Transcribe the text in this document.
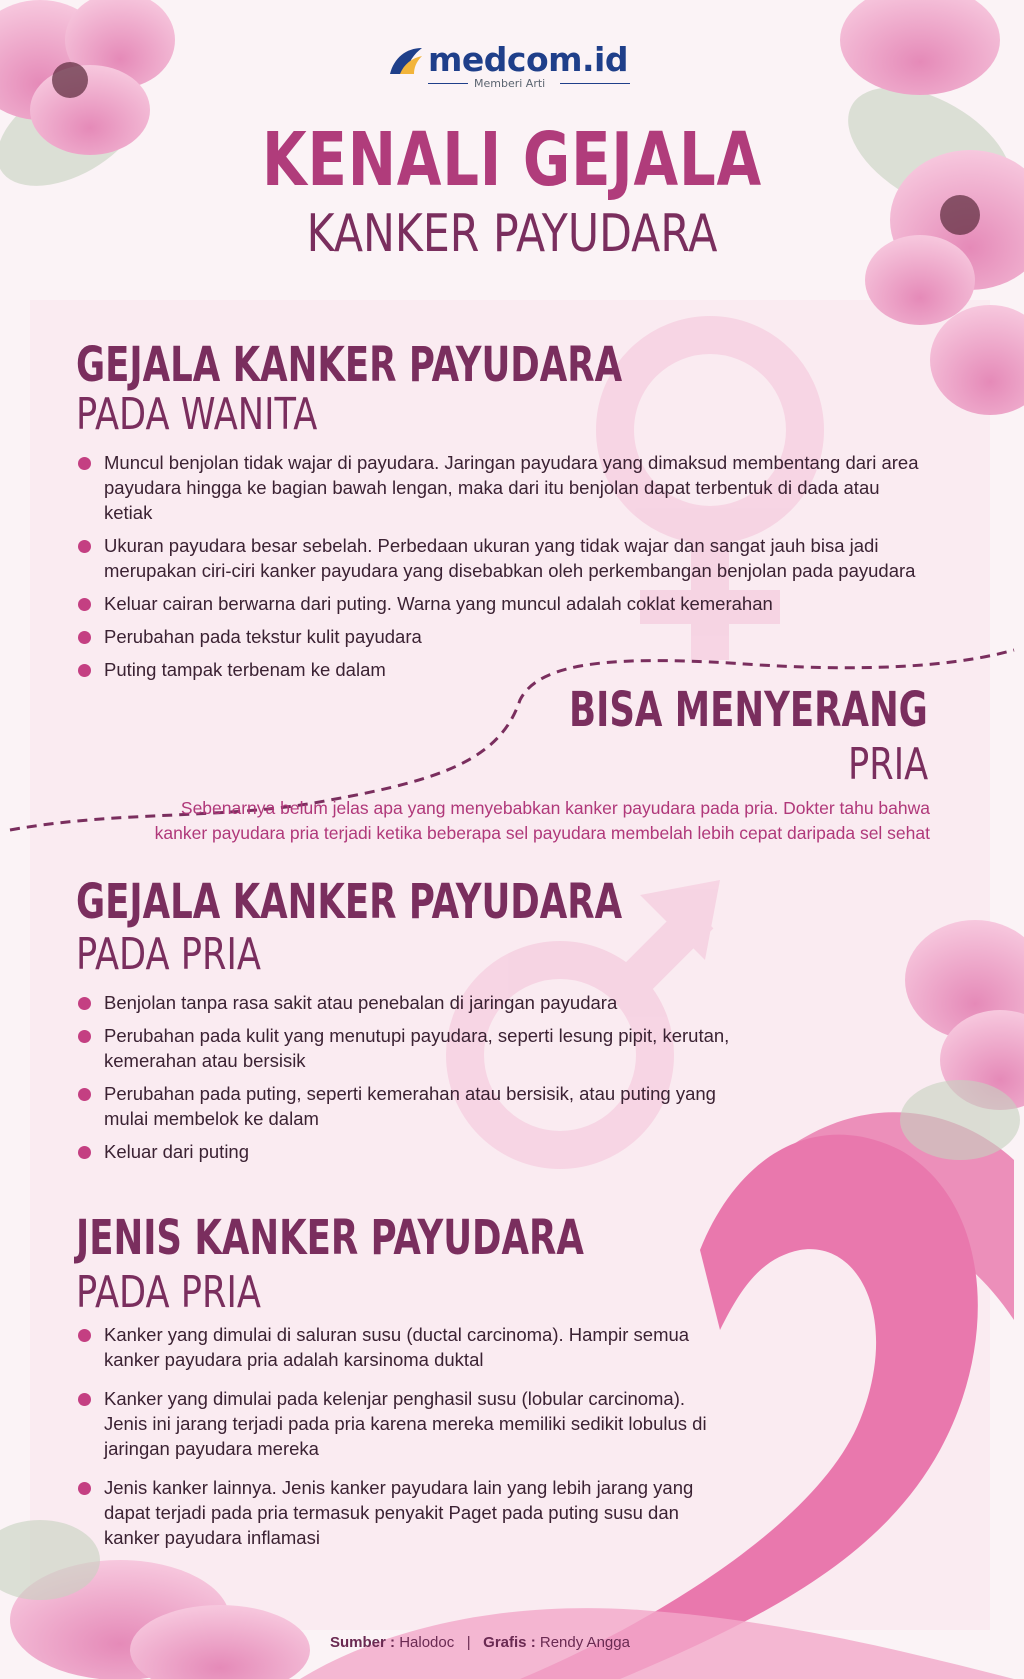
medcom.id
Memberi Arti
KENALI GEJALA
KANKER PAYUDARA
GEJALA KANKER PAYUDARA
PADA WANITA
Muncul benjolan tidak wajar di payudara. Jaringan payudara yang dimaksud membentang dari area payudara hingga ke bagian bawah lengan, maka dari itu benjolan dapat terbentuk di dada atau ketiak
Ukuran payudara besar sebelah. Perbedaan ukuran yang tidak wajar dan sangat jauh bisa jadi merupakan ciri-ciri kanker payudara yang disebabkan oleh perkembangan benjolan pada payudara
Keluar cairan berwarna dari puting. Warna yang muncul adalah coklat kemerahan
Perubahan pada tekstur kulit payudara
Puting tampak terbenam ke dalam
BISA MENYERANG
PRIA
Sebenarnya belum jelas apa yang menyebabkan kanker payudara pada pria. Dokter tahu bahwa kanker payudara pria terjadi ketika beberapa sel payudara membelah lebih cepat daripada sel sehat
GEJALA KANKER PAYUDARA
PADA PRIA
Benjolan tanpa rasa sakit atau penebalan di jaringan payudara
Perubahan pada kulit yang menutupi payudara, seperti lesung pipit, kerutan, kemerahan atau bersisik
Perubahan pada puting, seperti kemerahan atau bersisik, atau puting yang mulai membelok ke dalam
Keluar dari puting
JENIS KANKER PAYUDARA
PADA PRIA
Kanker yang dimulai di saluran susu (ductal carcinoma). Hampir semua kanker payudara pria adalah karsinoma duktal
Kanker yang dimulai pada kelenjar penghasil susu (lobular carcinoma). Jenis ini jarang terjadi pada pria karena mereka memiliki sedikit lobulus di jaringan payudara mereka
Jenis kanker lainnya. Jenis kanker payudara lain yang lebih jarang yang dapat terjadi pada pria termasuk penyakit Paget pada puting susu dan kanker payudara inflamasi
Sumber : Halodoc | Grafis : Rendy Angga
